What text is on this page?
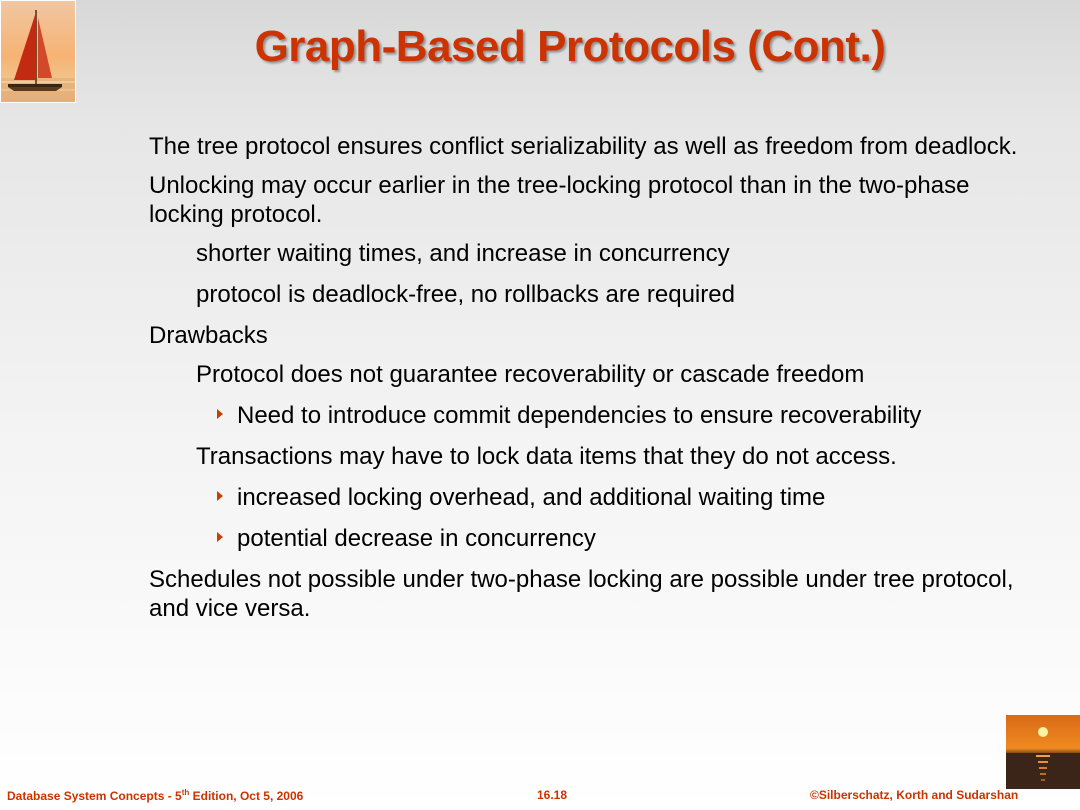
Graph-Based Protocols (Cont.)

The tree protocol ensures conflict serializability as well as freedom from deadlock.

Unlocking may occur earlier in the tree-locking protocol than in the two-phase locking protocol.

shorter waiting times, and increase in concurrency

protocol is deadlock-free, no rollbacks are required

Drawbacks

Protocol does not guarantee recoverability or cascade freedom

Need to introduce commit dependencies to ensure recoverability

Transactions may have to lock data items that they do not access.

increased locking overhead, and additional waiting time
potential decrease in concurrency

Schedules not possible under two-phase locking are possible under tree protocol, and vice versa.

Database System Concepts - 5th Edition, Oct 5, 2006	16.18	©Silberschatz, Korth and Sudarshan
